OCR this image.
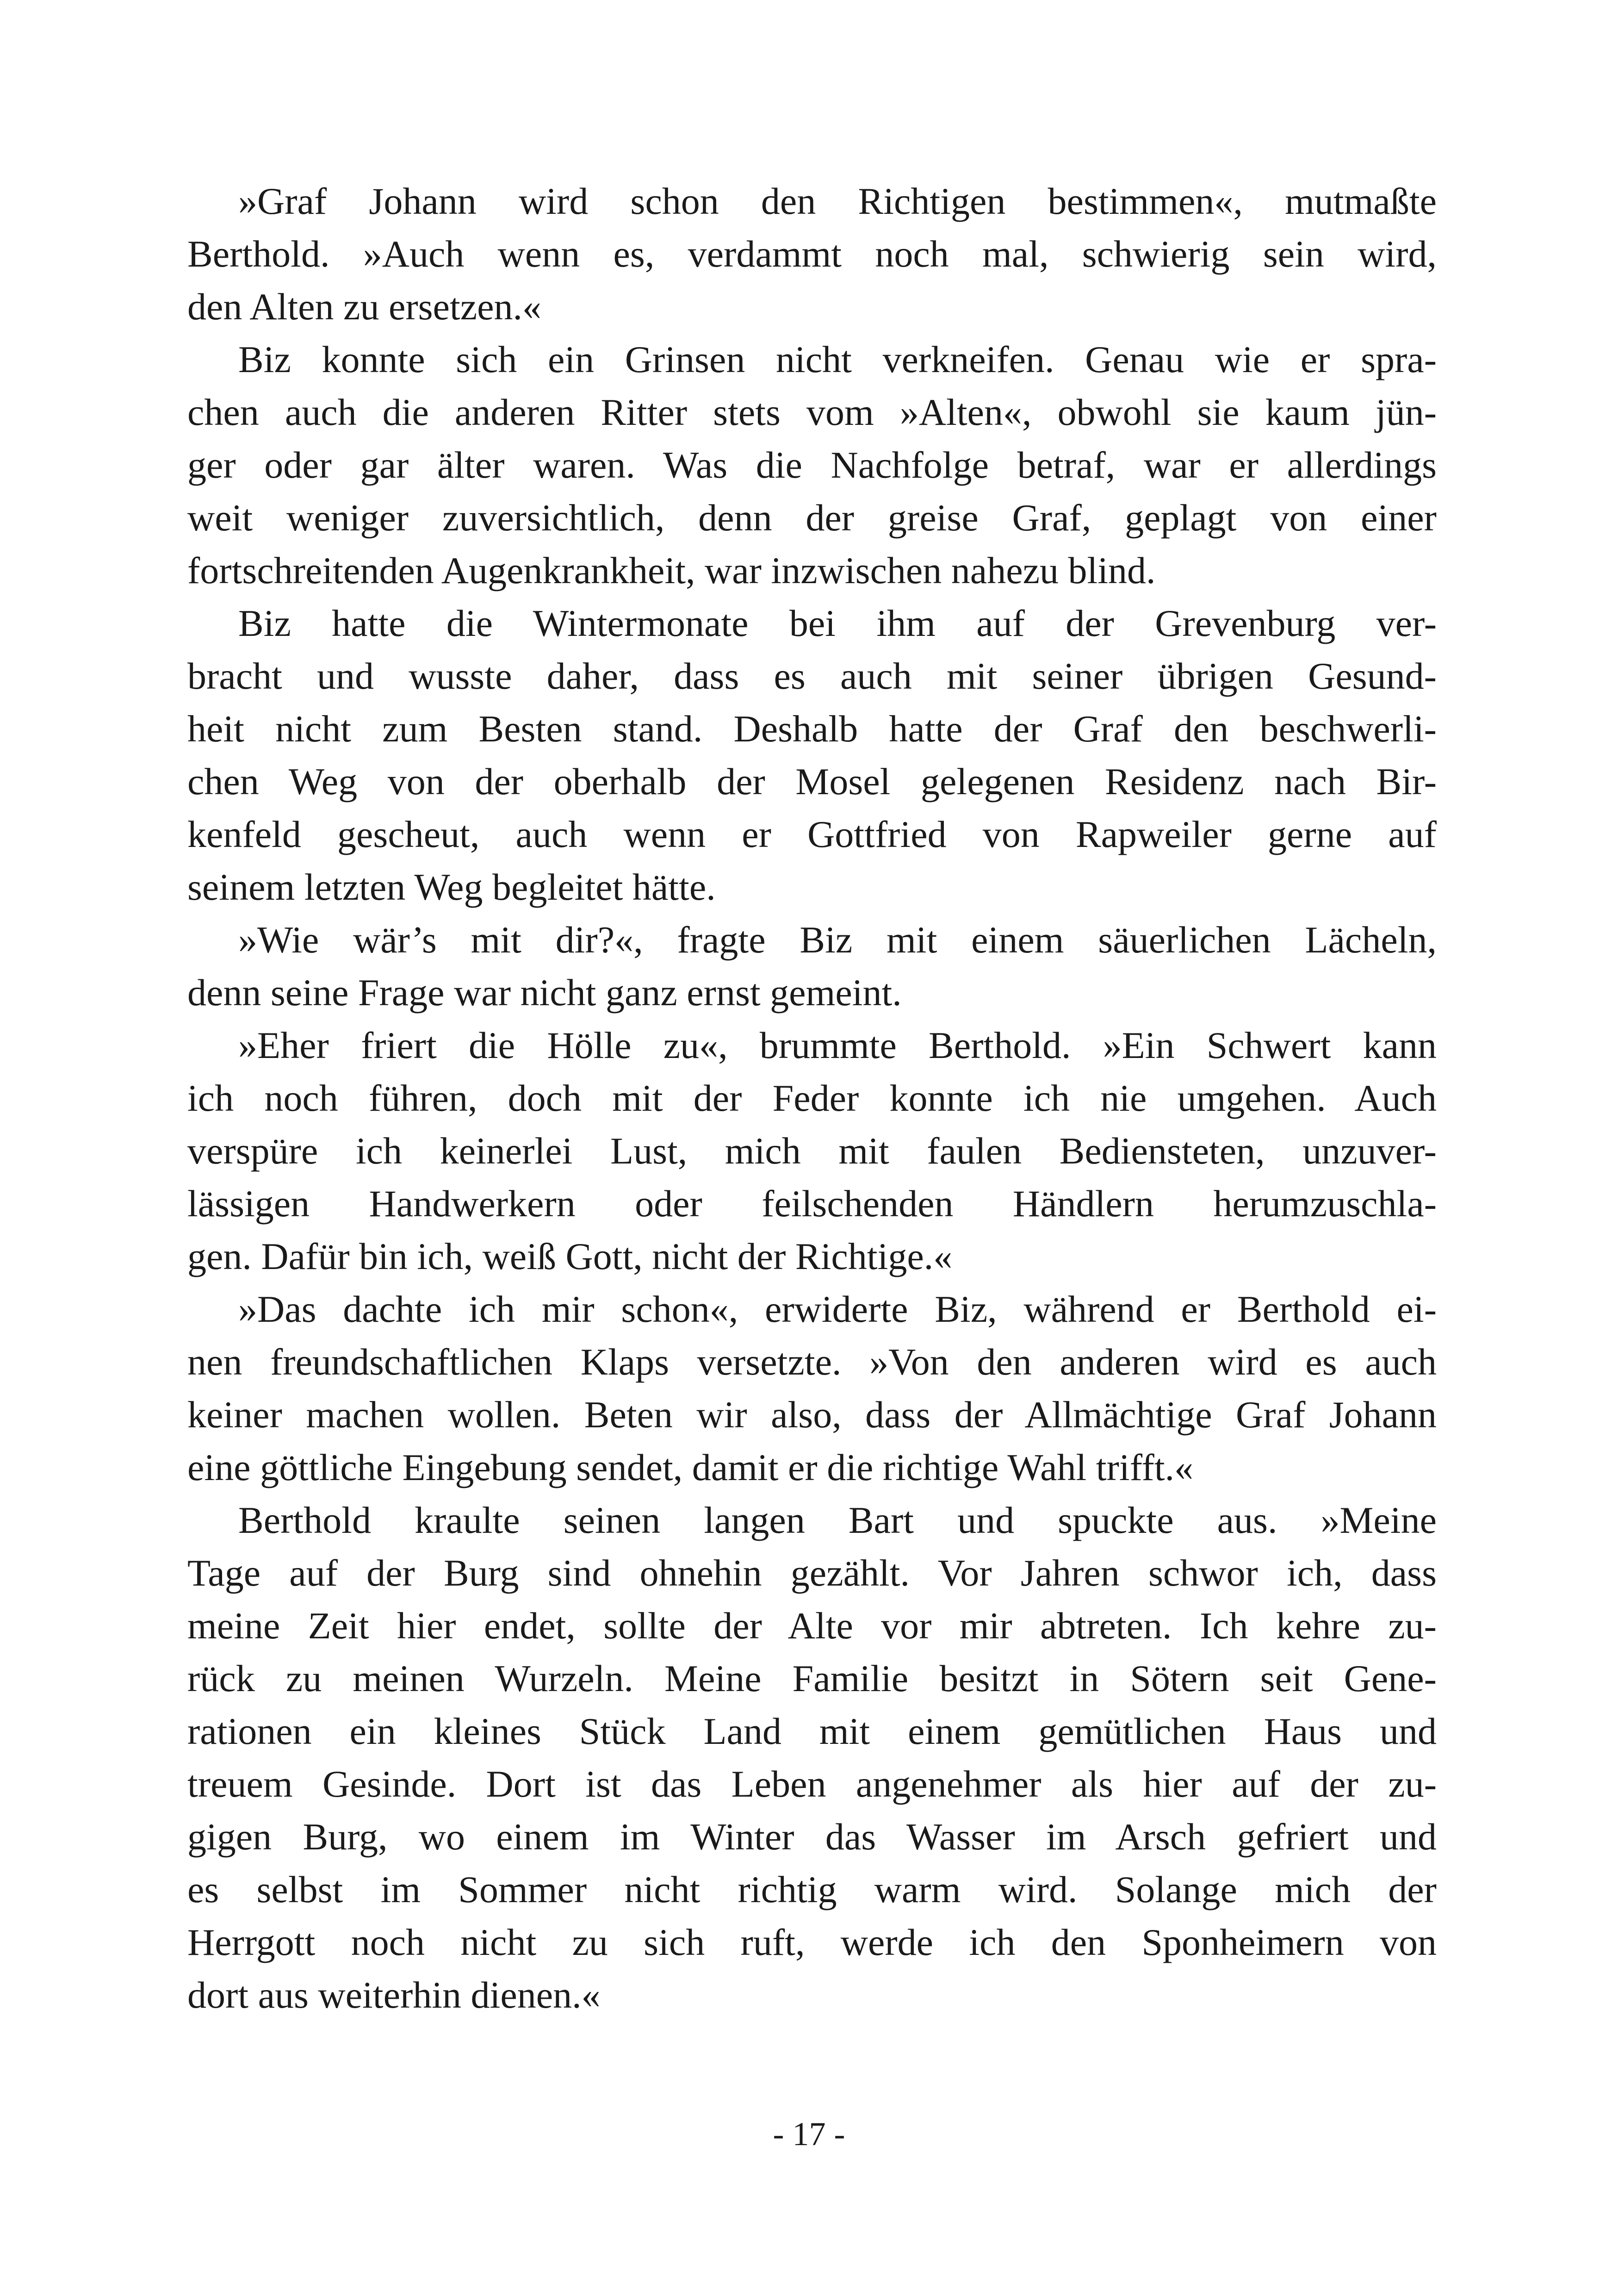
»Graf Johann wird schon den Richtigen bestimmen«, mutmaßte
Berthold. »Auch wenn es, verdammt noch mal, schwierig sein wird,
den Alten zu ersetzen.«
Biz konnte sich ein Grinsen nicht verkneifen. Genau wie er spra-
chen auch die anderen Ritter stets vom »Alten«, obwohl sie kaum jün-
ger oder gar älter waren. Was die Nachfolge betraf, war er allerdings
weit weniger zuversichtlich, denn der greise Graf, geplagt von einer
fortschreitenden Augenkrankheit, war inzwischen nahezu blind.
Biz hatte die Wintermonate bei ihm auf der Grevenburg ver-
bracht und wusste daher, dass es auch mit seiner übrigen Gesund-
heit nicht zum Besten stand. Deshalb hatte der Graf den beschwerli-
chen Weg von der oberhalb der Mosel gelegenen Residenz nach Bir-
kenfeld gescheut, auch wenn er Gottfried von Rapweiler gerne auf
seinem letzten Weg begleitet hätte.
»Wie wär’s mit dir?«, fragte Biz mit einem säuerlichen Lächeln,
denn seine Frage war nicht ganz ernst gemeint.
»Eher friert die Hölle zu«, brummte Berthold. »Ein Schwert kann
ich noch führen, doch mit der Feder konnte ich nie umgehen. Auch
verspüre ich keinerlei Lust, mich mit faulen Bediensteten, unzuver-
lässigen Handwerkern oder feilschenden Händlern herumzuschla-
gen. Dafür bin ich, weiß Gott, nicht der Richtige.«
»Das dachte ich mir schon«, erwiderte Biz, während er Berthold ei-
nen freundschaftlichen Klaps versetzte. »Von den anderen wird es auch
keiner machen wollen. Beten wir also, dass der Allmächtige Graf Johann
eine göttliche Eingebung sendet, damit er die richtige Wahl trifft.«
Berthold kraulte seinen langen Bart und spuckte aus. »Meine
Tage auf der Burg sind ohnehin gezählt. Vor Jahren schwor ich, dass
meine Zeit hier endet, sollte der Alte vor mir abtreten. Ich kehre zu-
rück zu meinen Wurzeln. Meine Familie besitzt in Sötern seit Gene-
rationen ein kleines Stück Land mit einem gemütlichen Haus und
treuem Gesinde. Dort ist das Leben angenehmer als hier auf der zu-
gigen Burg, wo einem im Winter das Wasser im Arsch gefriert und
es selbst im Sommer nicht richtig warm wird. Solange mich der
Herrgott noch nicht zu sich ruft, werde ich den Sponheimern von
dort aus weiterhin dienen.«
- 17 -
